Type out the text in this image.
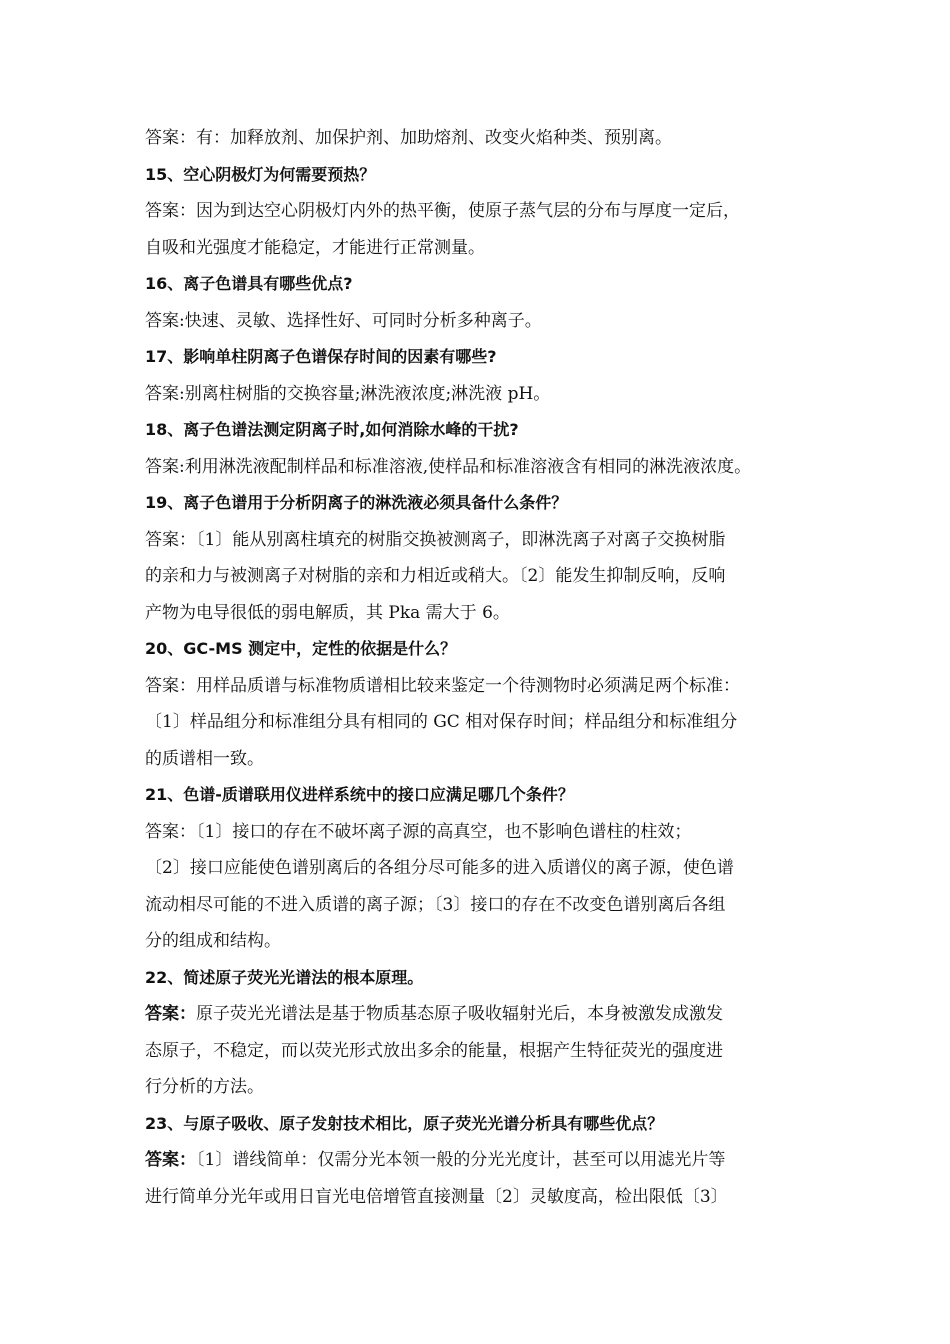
答案：有：加释放剂、加保护剂、加助熔剂、改变火焰种类、预别离。
15、空心阴极灯为何需要预热？
答案：因为到达空心阴极灯内外的热平衡，使原子蒸气层的分布与厚度一定后，
自吸和光强度才能稳定，才能进行正常测量。
16、离子色谱具有哪些优点?
答案:快速、灵敏、选择性好、可同时分析多种离子。
17、影响单柱阴离子色谱保存时间的因素有哪些?
答案:别离柱树脂的交换容量;淋洗液浓度;淋洗液 pH。
18、离子色谱法测定阴离子时,如何消除水峰的干扰?
答案:利用淋洗液配制样品和标准溶液,使样品和标准溶液含有相同的淋洗液浓度。
19、离子色谱用于分析阴离子的淋洗液必须具备什么条件？
答案：〔1〕能从别离柱填充的树脂交换被测离子，即淋洗离子对离子交换树脂
的亲和力与被测离子对树脂的亲和力相近或稍大。〔2〕能发生抑制反响，反响
产物为电导很低的弱电解质，其 Pka 需大于 6。
20、GC-MS 测定中，定性的依据是什么？
答案：用样品质谱与标准物质谱相比较来鉴定一个待测物时必须满足两个标准：
〔1〕样品组分和标准组分具有相同的 GC 相对保存时间；样品组分和标准组分
的质谱相一致。
21、色谱-质谱联用仪进样系统中的接口应满足哪几个条件？
答案：〔1〕接口的存在不破坏离子源的高真空，也不影响色谱柱的柱效；
〔2〕接口应能使色谱别离后的各组分尽可能多的进入质谱仪的离子源，使色谱
流动相尽可能的不进入质谱的离子源；〔3〕接口的存在不改变色谱别离后各组
分的组成和结构。
22、简述原子荧光光谱法的根本原理。
答案：原子荧光光谱法是基于物质基态原子吸收辐射光后，本身被激发成激发
态原子，不稳定，而以荧光形式放出多余的能量，根据产生特征荧光的强度进
行分析的方法。
23、与原子吸收、原子发射技术相比，原子荧光光谱分析具有哪些优点？
答案：〔1〕谱线简单：仅需分光本领一般的分光光度计，甚至可以用滤光片等
进行简单分光年或用日盲光电倍增管直接测量〔2〕灵敏度高，检出限低〔3〕
